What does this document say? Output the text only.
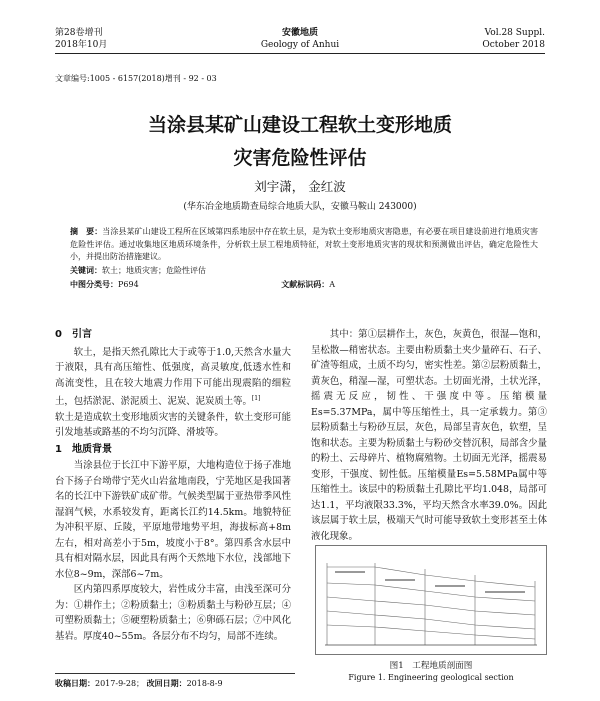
第28卷增刊
2018年10月
安徽地质
Geology of Anhui
Vol.28 Suppl.
October 2018
文章编号:1005 - 6157(2018)增刊 - 92 - 03
当涂县某矿山建设工程软土变形地质
灾害危险性评估
刘宇潇， 金红波
(华东冶金地质勘查局综合地质大队，安徽马鞍山 243000)
摘　要：当涂县某矿山建设工程所在区域第四系地层中存在软土层，是为软土变形地质灾害隐患，有必要在项目建设前进行地质灾害危险性评估。通过收集地区地质环境条件，分析软土层工程地质特征，对软土变形地质灾害的现状和预测做出评估，确定危险性大小，并提出防治措施建议。
关键词：软土；地质灾害；危险性评估
中图分类号：P694	文献标识码：A
0　引言

软土，是指天然孔隙比大于或等于1.0,天然含水量大于液限，具有高压缩性、低强度，高灵敏度,低透水性和高流变性，且在较大地震力作用下可能出现震陷的细粒土，包括淤泥、淤泥质土、泥炭、泥炭质土等。[1]

软土是造成软土变形地质灾害的关键条件，软土变形可能引发地基或路基的不均匀沉降、滑坡等。

1　地质背景

当涂县位于长江中下游平原，大地构造位于扬子准地台下扬子台坳带宁芜火山岩盆地南段，宁芜地区是我国著名的长江中下游铁矿成矿带。气候类型属于亚热带季风性湿润气候，水系较发育，距离长江约14.5km。地貌特征为冲积平原、丘陵，平原地带地势平坦，海拔标高+8m左右，相对高差小于5m，坡度小于8°。第四系含水层中具有相对隔水层，因此具有两个天然地下水位，浅部地下水位8~9m，深部6~7m。

区内第四系厚度较大，岩性成分丰富，由浅至深可分为：①耕作土；②粉质黏土；③粉质黏土与粉砂互层；④可塑粉质黏土；⑤硬塑粉质黏土；⑥卵砾石层；⑦中风化基岩。厚度40~55m。各层分布不均匀，局部不连续。

其中：第①层耕作土，灰色，灰黄色，很湿—饱和，呈松散—稍密状态。主要由粉质黏土夹少量碎石、石子、矿渣等组成，土质不均匀，密实性差。第②层粉质黏土，黄灰色，稍湿—湿，可塑状态。土切面光滑，土状光泽，摇震无反应，韧性、干强度中等。压缩模量Es=5.37MPa，属中等压缩性土，具一定承载力。第③层粉质黏土与粉砂互层，灰色，局部呈青灰色，软塑，呈饱和状态。主要为粉质黏土与粉砂交替沉积，局部含少量的粉土、云母碎片、植物腐殖物。土切面无光泽，摇震易变形，干强度、韧性低。压缩模量Es=5.58MPa属中等压缩性土。该层中的粉质黏土孔隙比平均1.048，局部可达1.1，平均液限33.3%，平均天然含水率39.0%。因此该层属于软土层，极端天气时可能导致软土变形甚至土体液化现象。

图1　工程地质剖面图
Figure 1. Engineering geological section
收稿日期：2017-9-28； 改回日期：2018-8-9
